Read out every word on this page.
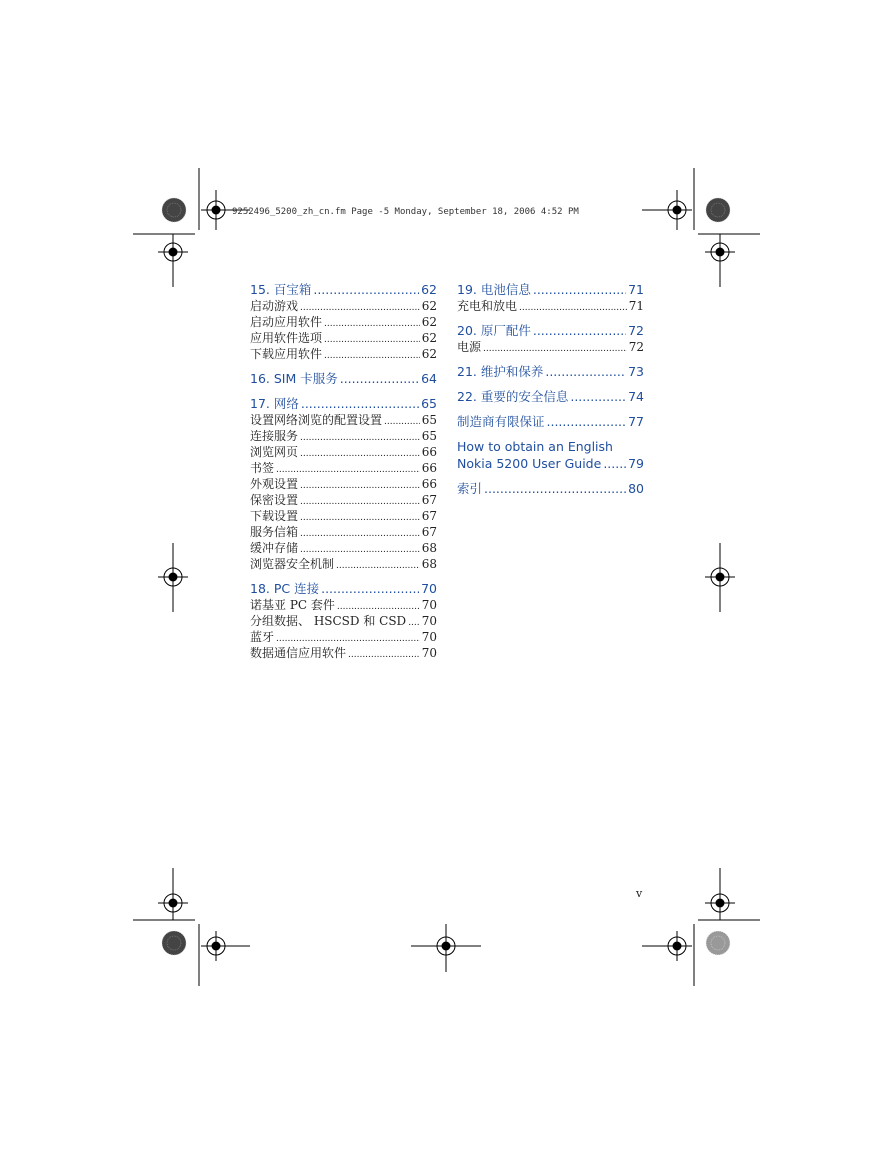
9252496_5200_zh_cn.fm Page -5 Monday, September 18, 2006 4:52 PM
15. 百宝箱 .....	62
启动游戏 .....	62
启动应用软件 .....	62
应用软件选项 .....	62
下载应用软件 .....	62
16. SIM 卡服务 .....	64
17. 网络 .....	65
设置网络浏览的配置设置 .....	65
连接服务 .....	65
浏览网页 .....	66
书签 .....	66
外观设置 .....	66
保密设置 .....	67
下载设置 .....	67
服务信箱 .....	67
缓冲存储 .....	68
浏览器安全机制 .....	68
18. PC 连接 .....	70
诺基亚 PC 套件 .....	70
分组数据、 HSCSD 和 CSD ..... 70
蓝牙 .....	70
数据通信应用软件 .....	70
19. 电池信息 .....	71
充电和放电 .....	71
20. 原厂配件 .....	72
电源 .....	72
21. 维护和保养 .....	73
22. 重要的安全信息 .....	74
制造商有限保证 .....	77
How to obtain an English
Nokia 5200 User Guide ..... 79
索引 .....	80
v
